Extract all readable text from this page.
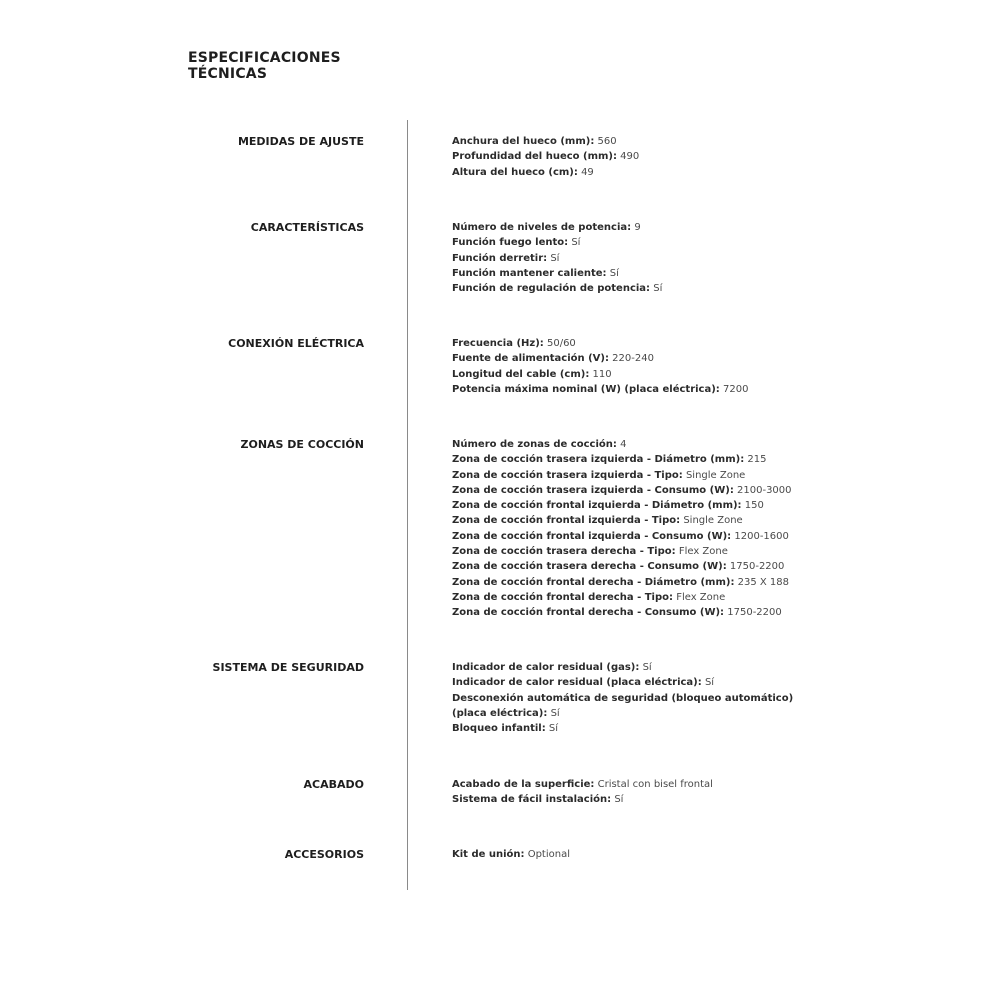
ESPECIFICACIONES TÉCNICAS
MEDIDAS DE AJUSTE	Anchura del hueco (mm): 560
Profundidad del hueco (mm): 490
Altura del hueco (cm): 49
CARACTERÍSTICAS	Número de niveles de potencia: 9
Función fuego lento: Sí
Función derretir: Sí
Función mantener caliente: Sí
Función de regulación de potencia: Sí
CONEXIÓN ELÉCTRICA	Frecuencia (Hz): 50/60
Fuente de alimentación (V): 220-240
Longitud del cable (cm): 110
Potencia máxima nominal (W) (placa eléctrica): 7200
ZONAS DE COCCIÓN	Número de zonas de cocción: 4
Zona de cocción trasera izquierda - Diámetro (mm): 215
Zona de cocción trasera izquierda - Tipo: Single Zone
Zona de cocción trasera izquierda - Consumo (W): 2100-3000
Zona de cocción frontal izquierda - Diámetro (mm): 150
Zona de cocción frontal izquierda - Tipo: Single Zone
Zona de cocción frontal izquierda - Consumo (W): 1200-1600
Zona de cocción trasera derecha - Tipo: Flex Zone
Zona de cocción trasera derecha - Consumo (W): 1750-2200
Zona de cocción frontal derecha - Diámetro (mm): 235 X 188
Zona de cocción frontal derecha - Tipo: Flex Zone
Zona de cocción frontal derecha - Consumo (W): 1750-2200
SISTEMA DE SEGURIDAD	Indicador de calor residual (gas): Sí
Indicador de calor residual (placa eléctrica): Sí
Desconexión automática de seguridad (bloqueo automático)
(placa eléctrica): Sí
Bloqueo infantil: Sí
ACABADO	Acabado de la superficie: Cristal con bisel frontal
Sistema de fácil instalación: Sí
ACCESORIOS	Kit de unión: Optional
